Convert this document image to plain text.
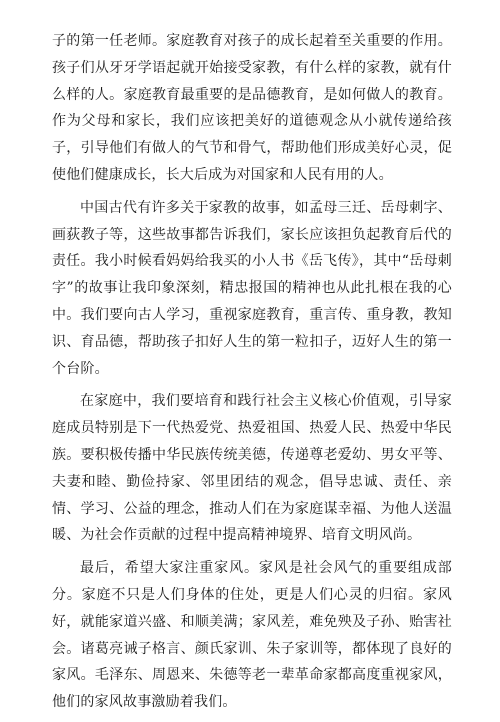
子的第一任老师。家庭教育对孩子的成长起着至关重要的作用。孩子们从牙牙学语起就开始接受家教，有什么样的家教，就有什么样的人。家庭教育最重要的是品德教育，是如何做人的教育。作为父母和家长，我们应该把美好的道德观念从小就传递给孩子，引导他们有做人的气节和骨气，帮助他们形成美好心灵，促使他们健康成长，长大后成为对国家和人民有用的人。

中国古代有许多关于家教的故事，如孟母三迁、岳母刺字、画荻教子等，这些故事都告诉我们，家长应该担负起教育后代的责任。我小时候看妈妈给我买的小人书《岳飞传》，其中“岳母刺字”的故事让我印象深刻，精忠报国的精神也从此扎根在我的心中。我们要向古人学习，重视家庭教育，重言传、重身教，教知识、育品德，帮助孩子扣好人生的第一粒扣子，迈好人生的第一个台阶。

在家庭中，我们要培育和践行社会主义核心价值观，引导家庭成员特别是下一代热爱党、热爱祖国、热爱人民、热爱中华民族。要积极传播中华民族传统美德，传递尊老爱幼、男女平等、夫妻和睦、勤俭持家、邻里团结的观念，倡导忠诚、责任、亲情、学习、公益的理念，推动人们在为家庭谋幸福、为他人送温暖、为社会作贡献的过程中提高精神境界、培育文明风尚。

最后，希望大家注重家风。家风是社会风气的重要组成部分。家庭不只是人们身体的住处，更是人们心灵的归宿。家风好，就能家道兴盛、和顺美满；家风差，难免殃及子孙、贻害社会。诸葛亮诫子格言、颜氏家训、朱子家训等，都体现了良好的家风。毛泽东、周恩来、朱德等老一辈革命家都高度重视家风，他们的家风故事激励着我们。
